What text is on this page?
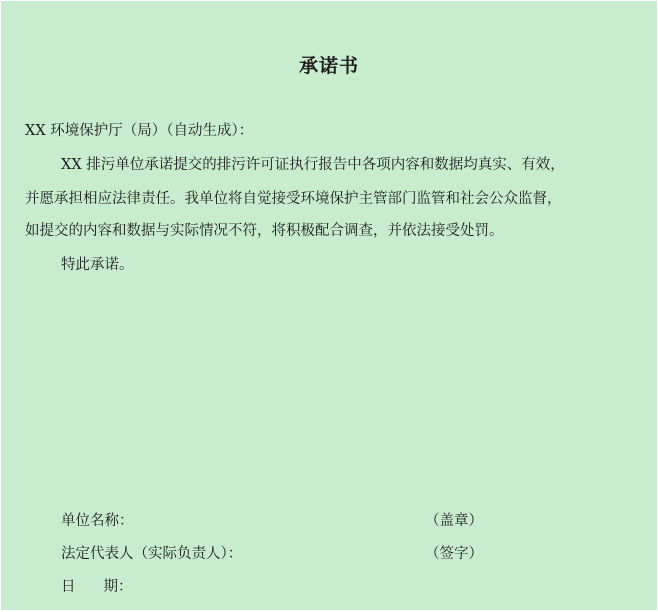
承诺书
XX 环境保护厅（局）（自动生成）：
XX 排污单位承诺提交的排污许可证执行报告中各项内容和数据均真实、有效，
并愿承担相应法律责任。我单位将自觉接受环境保护主管部门监管和社会公众监督，
如提交的内容和数据与实际情况不符，将积极配合调查，并依法接受处罚。
特此承诺。
单位名称：	（盖章）
法定代表人（实际负责人）：	（签字）
日 期：
